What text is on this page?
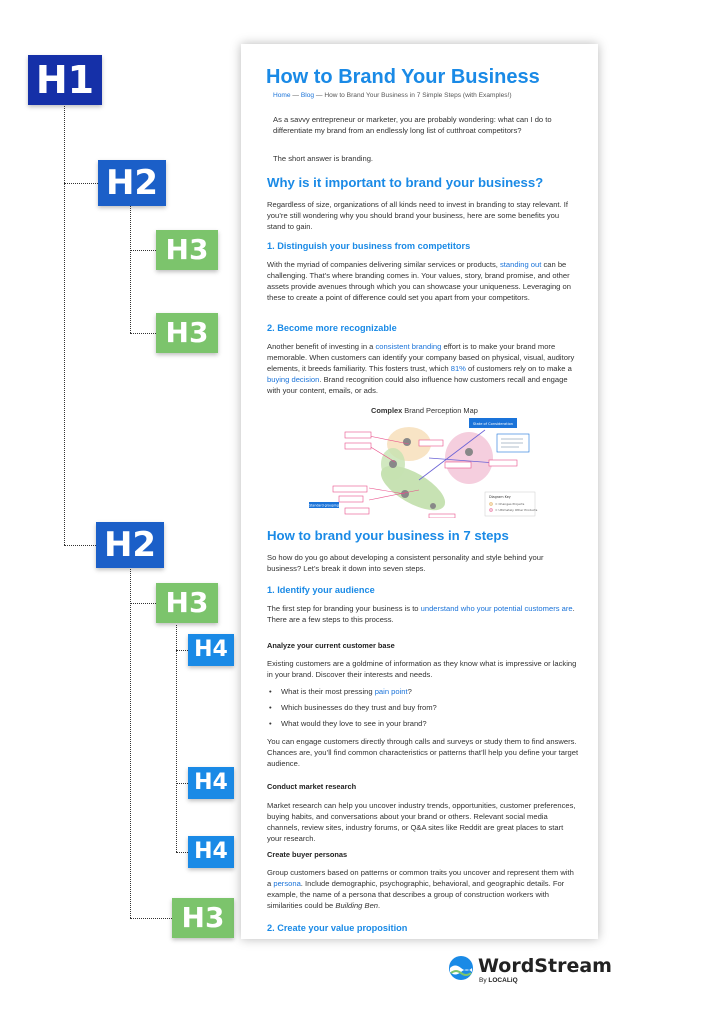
H1
H2
H3
H3
H2
H3
H4
H4
H4
H3

How to Brand Your Business

Home — Blog — How to Brand Your Business in 7 Simple Steps (with Examples!)

As a savvy entrepreneur or marketer, you are probably wondering: what can I do to differentiate my brand from an endlessly long list of cutthroat competitors?

The short answer is branding.

Why is it important to brand your business?

Regardless of size, organizations of all kinds need to invest in branding to stay relevant. If you’re still wondering why you should brand your business, here are some benefits you stand to gain.

1. Distinguish your business from competitors

With the myriad of companies delivering similar services or products, standing out can be challenging. That’s where branding comes in. Your values, story, brand promise, and other assets provide avenues through which you can showcase your uniqueness. Leveraging on these to create a point of difference could set you apart from your competitors.

2. Become more recognizable

Another benefit of investing in a consistent branding effort is to make your brand more memorable. When customers can identify your company based on physical, visual, auditory elements, it breeds familiarity. This fosters trust, which 81% of customers rely on to make a buying decision. Brand recognition could also influence how customers recall and engage with your content, emails, or ads.

Complex Brand Perception Map

State of Consideration
Diagram Key
= Changes Projects
= Ultimately Other Products
Standard grouping

How to brand your business in 7 steps

So how do you go about developing a consistent personality and style behind your business? Let’s break it down into seven steps.

1. Identify your audience

The first step for branding your business is to understand who your potential customers are. There are a few steps to this process.

Analyze your current customer base

Existing customers are a goldmine of information as they know what is impressive or lacking in your brand. Discover their interests and needs.

• What is their most pressing pain point?

• Which businesses do they trust and buy from?

• What would they love to see in your brand?

You can engage customers directly through calls and surveys or study them to find answers. Chances are, you’ll find common characteristics or patterns that’ll help you define your target audience.

Conduct market research

Market research can help you uncover industry trends, opportunities, customer preferences, buying habits, and conversations about your brand or others. Relevant social media channels, review sites, industry forums, or Q&A sites like Reddit are great places to start your research.

Create buyer personas

Group customers based on patterns or common traits you uncover and represent them with a persona. Include demographic, psychographic, behavioral, and geographic details. For example, the name of a persona that describes a group of construction workers with similarities could be Building Ben.

2. Create your value proposition

WordStream
By LOCALiQ
